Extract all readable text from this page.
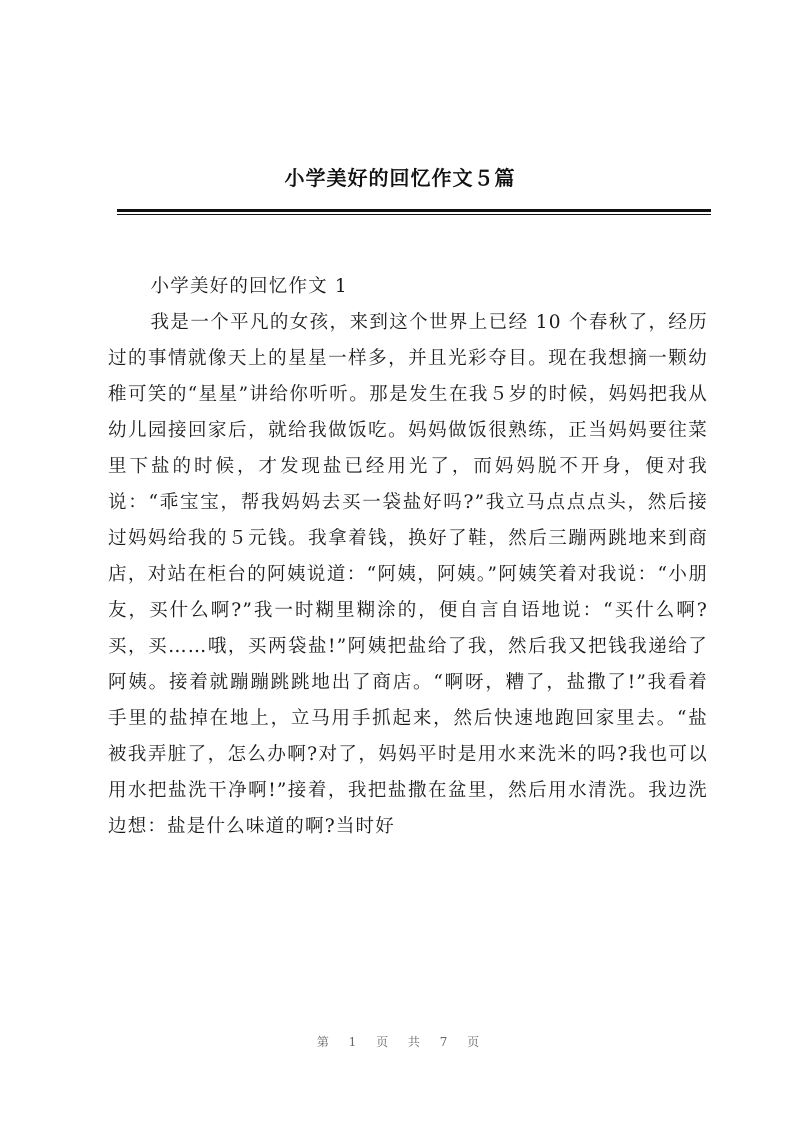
小学美好的回忆作文５篇

小学美好的回忆作文 1

我是一个平凡的女孩，来到这个世界上已经 10 个春秋了，经历过的事情就像天上的星星一样多，并且光彩夺目。现在我想摘一颗幼稚可笑的“星星”讲给你听听。那是发生在我５岁的时候，妈妈把我从幼儿园接回家后，就给我做饭吃。妈妈做饭很熟练，正当妈妈要往菜里下盐的时候，才发现盐已经用光了，而妈妈脱不开身，便对我说：“乖宝宝，帮我妈妈去买一袋盐好吗?”我立马点点点头，然后接过妈妈给我的５元钱。我拿着钱，换好了鞋，然后三蹦两跳地来到商店，对站在柜台的阿姨说道：“阿姨，阿姨。”阿姨笑着对我说：“小朋友，买什么啊?”我一时糊里糊涂的，便自言自语地说：“买什么啊?买，买……哦，买两袋盐!”阿姨把盐给了我，然后我又把钱我递给了阿姨。接着就蹦蹦跳跳地出了商店。“啊呀，糟了，盐撒了!”我看着手里的盐掉在地上，立马用手抓起来，然后快速地跑回家里去。“盐被我弄脏了，怎么办啊?对了，妈妈平时是用水来洗米的吗?我也可以用水把盐洗干净啊!”接着，我把盐撒在盆里，然后用水清洗。我边洗边想：盐是什么味道的啊?当时好

第 1 页 共 7 页
